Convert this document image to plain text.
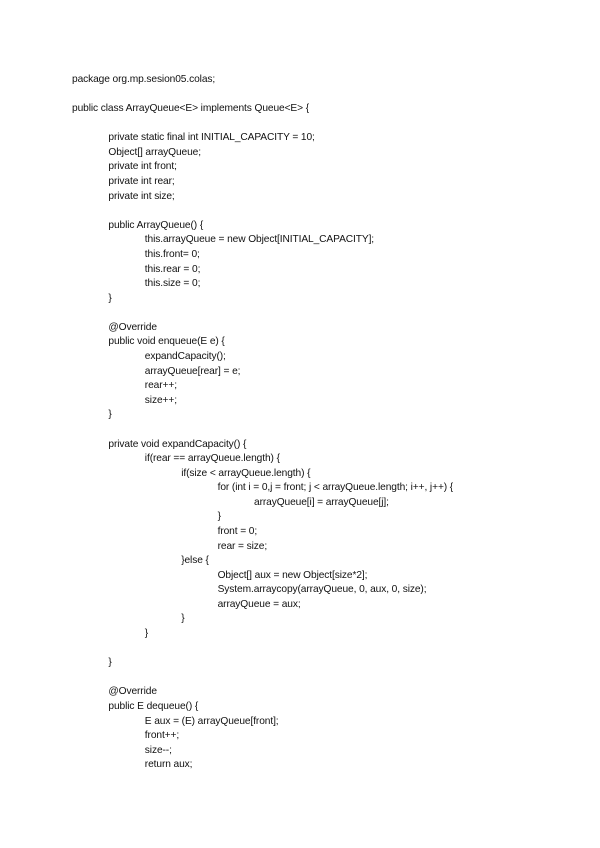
package org.mp.sesion05.colas;
public class ArrayQueue<E> implements Queue<E> {
private static final int INITIAL_CAPACITY = 10;
Object[] arrayQueue;
private int front;
private int rear;
private int size;
public ArrayQueue() {
this.arrayQueue = new Object[INITIAL_CAPACITY];
this.front= 0;
this.rear = 0;
this.size = 0;
}
@Override
public void enqueue(E e) {
expandCapacity();
arrayQueue[rear] = e;
rear++;
size++;
}
private void expandCapacity() {
if(rear == arrayQueue.length) {
if(size < arrayQueue.length) {
for (int i = 0,j = front; j < arrayQueue.length; i++, j++) {
arrayQueue[i] = arrayQueue[j];
}
front = 0;
rear = size;
}else {
Object[] aux = new Object[size*2];
System.arraycopy(arrayQueue, 0, aux, 0, size);
arrayQueue = aux;
}
}
}
@Override
public E dequeue() {
E aux = (E) arrayQueue[front];
front++;
size--;
return aux;
